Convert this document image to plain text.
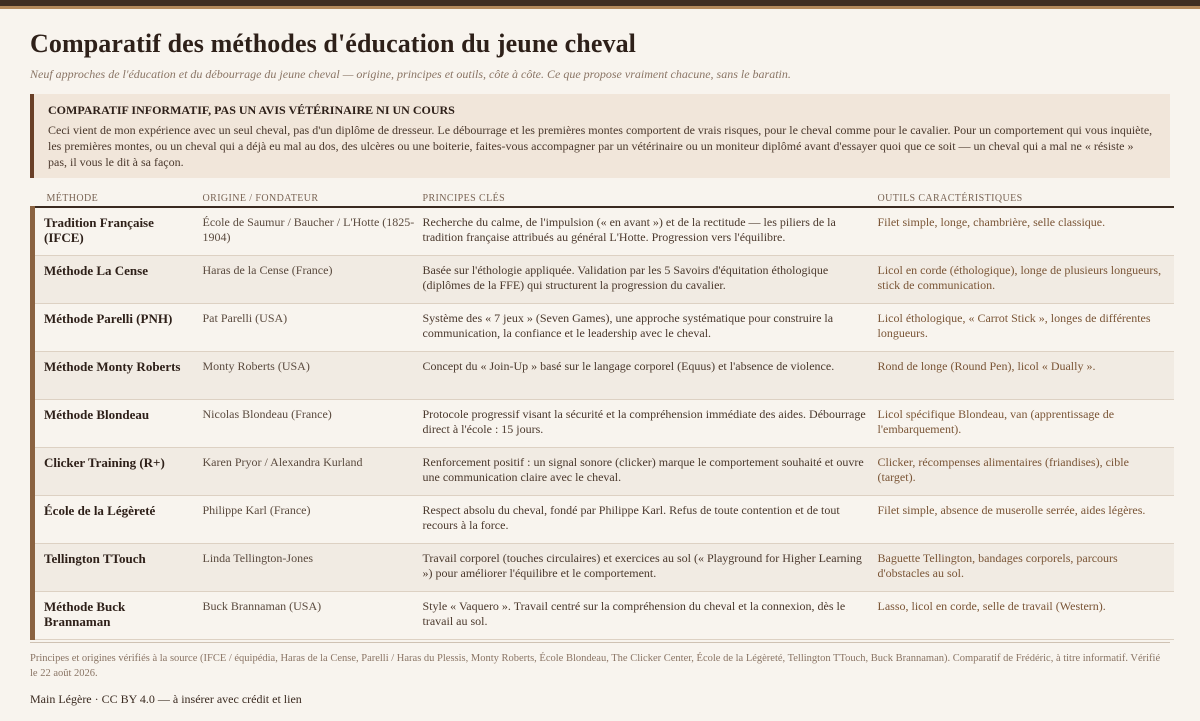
Comparatif des méthodes d'éducation du jeune cheval
Neuf approches de l'éducation et du débourrage du jeune cheval — origine, principes et outils, côte à côte. Ce que propose vraiment chacune, sans le baratin.
COMPARATIF INFORMATIF, PAS UN AVIS VÉTÉRINAIRE NI UN COURS
Ceci vient de mon expérience avec un seul cheval, pas d'un diplôme de dresseur. Le débourrage et les premières montes comportent de vrais risques, pour le cheval comme pour le cavalier. Pour un comportement qui vous inquiète, les premières montes, ou un cheval qui a déjà eu mal au dos, des ulcères ou une boiterie, faites-vous accompagner par un vétérinaire ou un moniteur diplômé avant d'essayer quoi que ce soit — un cheval qui a mal ne « résiste » pas, il vous le dit à sa façon.
MÉTHODE	ORIGINE / FONDATEUR	PRINCIPES CLÉS	OUTILS CARACTÉRISTIQUES
Tradition Française (IFCE)	École de Saumur / Baucher / L'Hotte (1825-1904)	Recherche du calme, de l'impulsion (« en avant ») et de la rectitude — les piliers de la tradition française attribués au général L'Hotte. Progression vers l'équilibre.	Filet simple, longe, chambrière, selle classique.
Méthode La Cense	Haras de la Cense (France)	Basée sur l'éthologie appliquée. Validation par les 5 Savoirs d'équitation éthologique (diplômes de la FFE) qui structurent la progression du cavalier.	Licol en corde (éthologique), longe de plusieurs longueurs, stick de communication.
Méthode Parelli (PNH)	Pat Parelli (USA)	Système des « 7 jeux » (Seven Games), une approche systématique pour construire la communication, la confiance et le leadership avec le cheval.	Licol éthologique, « Carrot Stick », longes de différentes longueurs.
Méthode Monty Roberts	Monty Roberts (USA)	Concept du « Join-Up » basé sur le langage corporel (Equus) et l'absence de violence.	Rond de longe (Round Pen), licol « Dually ».
Méthode Blondeau	Nicolas Blondeau (France)	Protocole progressif visant la sécurité et la compréhension immédiate des aides. Débourrage direct à l'école : 15 jours.	Licol spécifique Blondeau, van (apprentissage de l'embarquement).
Clicker Training (R+)	Karen Pryor / Alexandra Kurland	Renforcement positif : un signal sonore (clicker) marque le comportement souhaité et ouvre une communication claire avec le cheval.	Clicker, récompenses alimentaires (friandises), cible (target).
École de la Légèreté	Philippe Karl (France)	Respect absolu du cheval, fondé par Philippe Karl. Refus de toute contention et de tout recours à la force.	Filet simple, absence de muserolle serrée, aides légères.
Tellington TTouch	Linda Tellington-Jones	Travail corporel (touches circulaires) et exercices au sol (« Playground for Higher Learning ») pour améliorer l'équilibre et le comportement.	Baguette Tellington, bandages corporels, parcours d'obstacles au sol.
Méthode Buck Brannaman	Buck Brannaman (USA)	Style « Vaquero ». Travail centré sur la compréhension du cheval et la connexion, dès le travail au sol.	Lasso, licol en corde, selle de travail (Western).
Principes et origines vérifiés à la source (IFCE / équipédia, Haras de la Cense, Parelli / Haras du Plessis, Monty Roberts, École Blondeau, The Clicker Center, École de la Légèreté, Tellington TTouch, Buck Brannaman). Comparatif de Frédéric, à titre informatif. Vérifié le 22 août 2026.
Main Légère · CC BY 4.0 — à insérer avec crédit et lien
